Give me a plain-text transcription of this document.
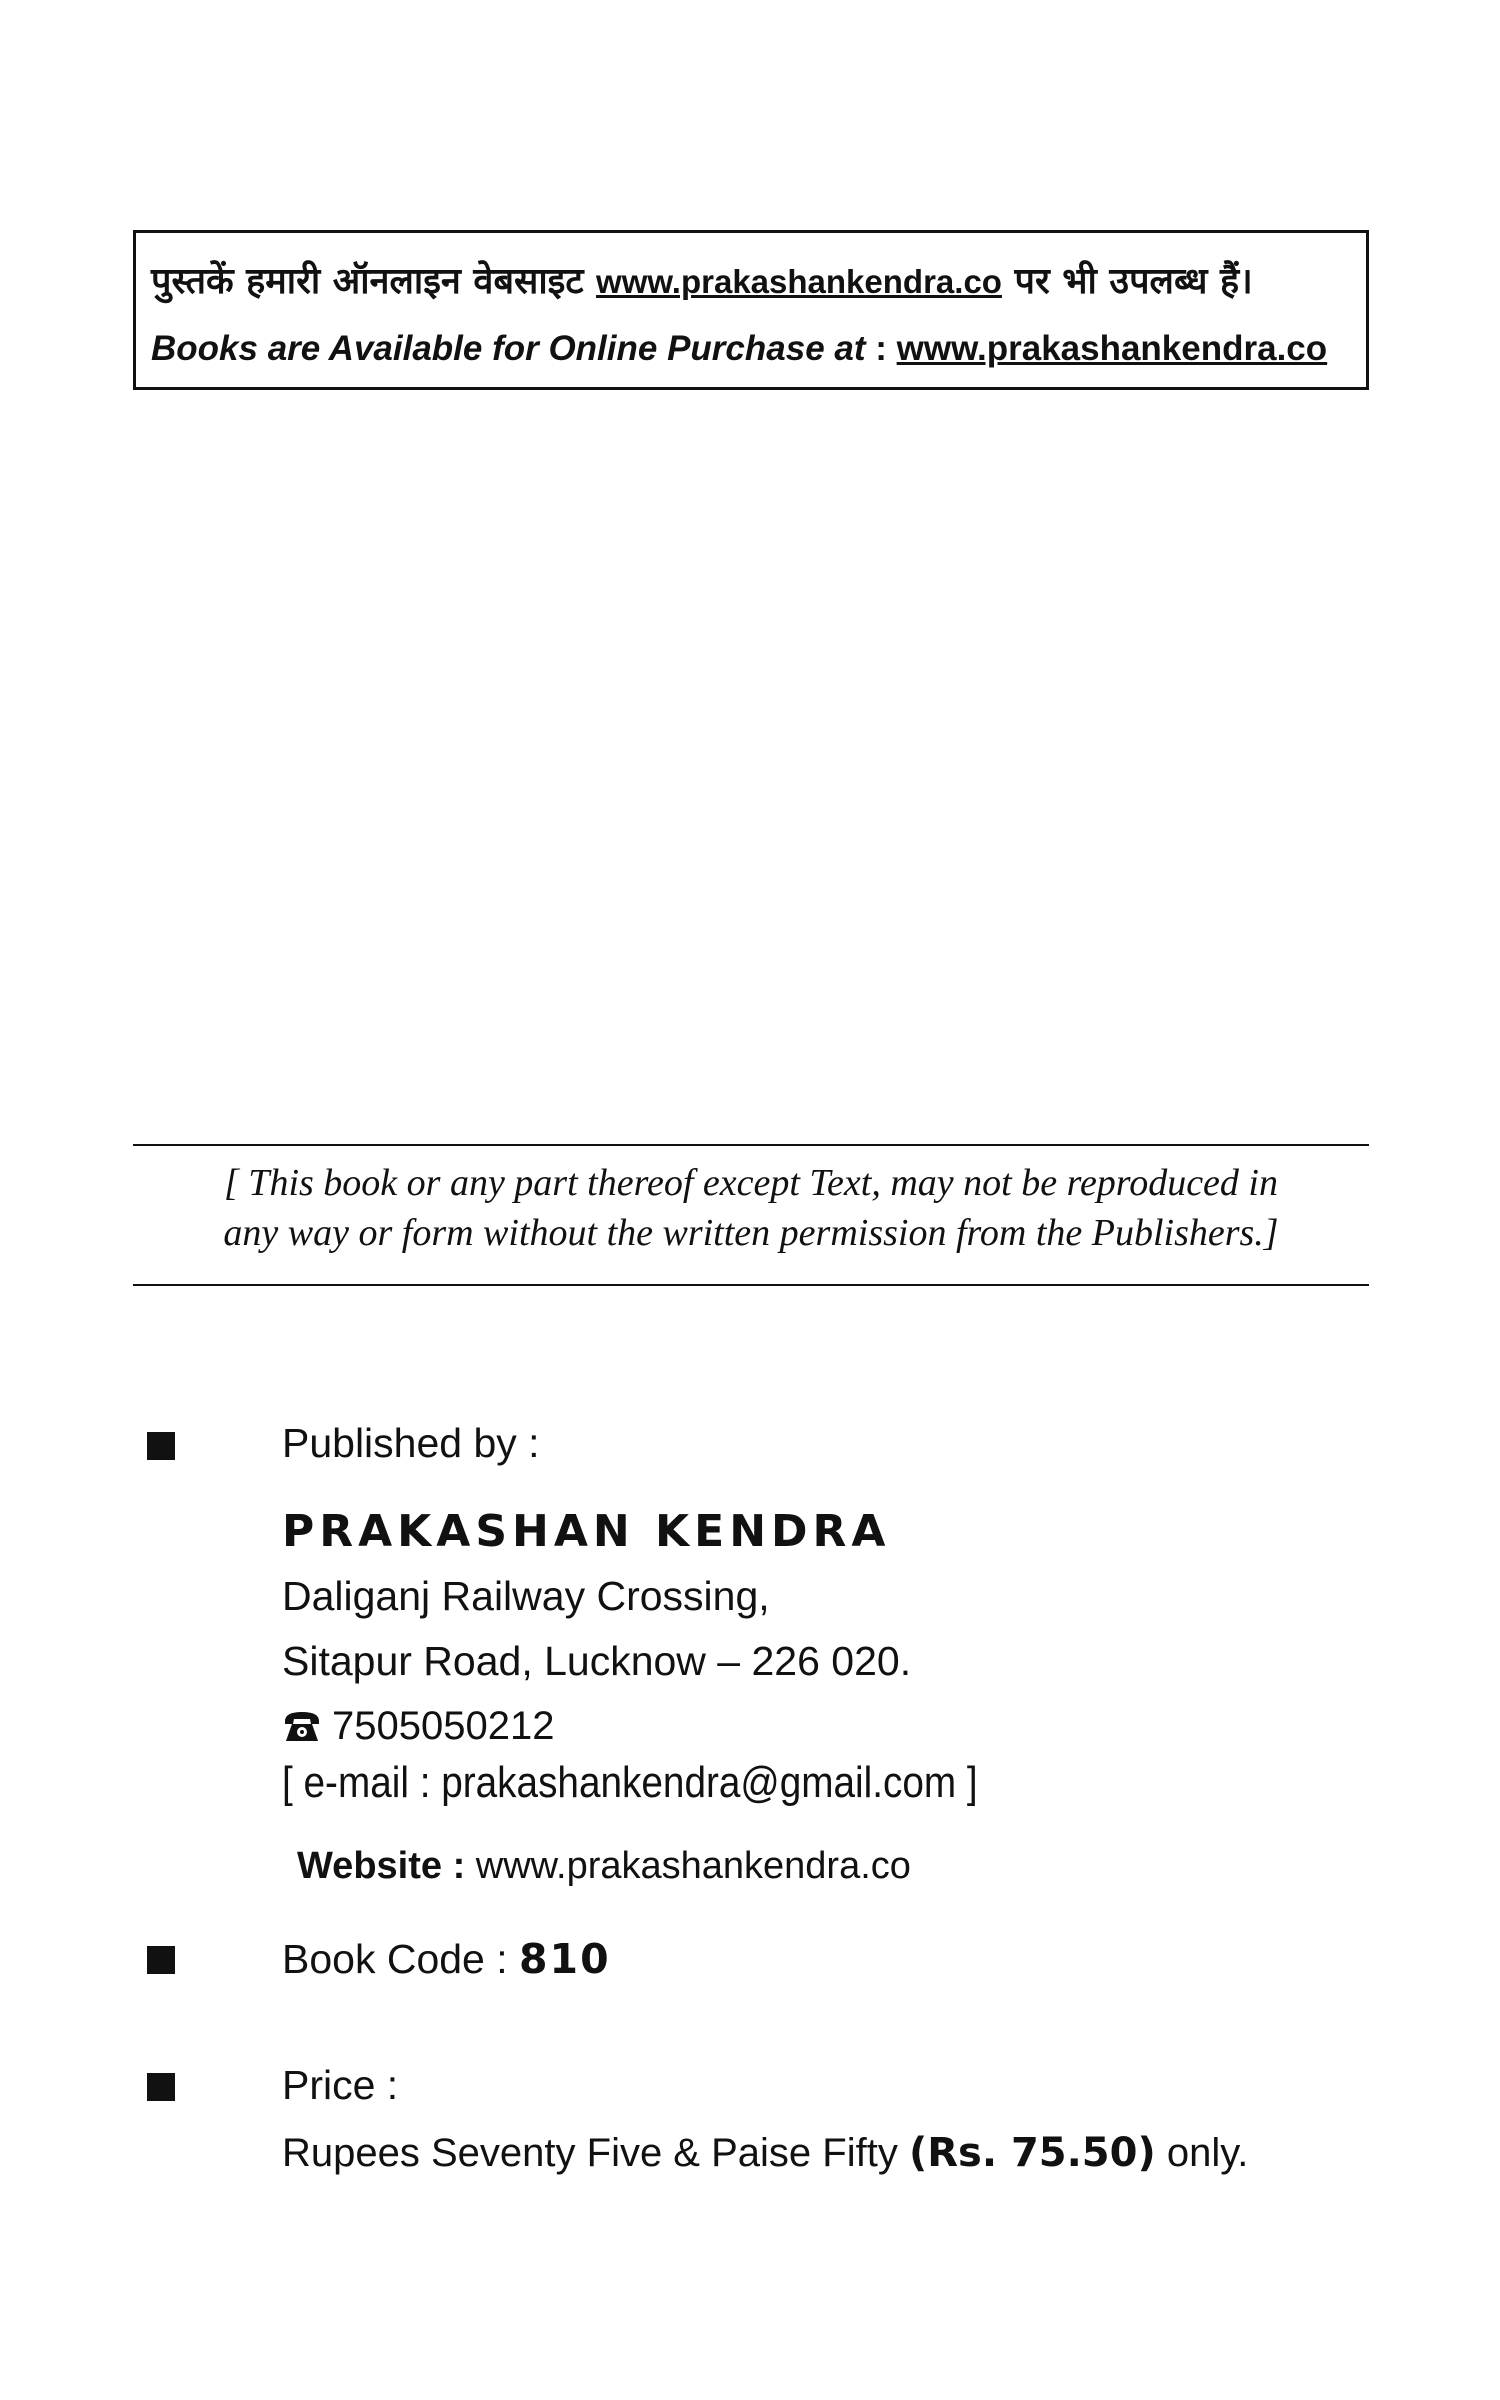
पुस्तकें हमारी ऑनलाइन वेबसाइट www.prakashankendra.co पर भी उपलब्ध हैं।
Books are Available for Online Purchase at : www.prakashankendra.co
[ This book or any part thereof except Text, may not be reproduced in
any way or form without the written permission from the Publishers.]
Published by :
PRAKASHAN KENDRA
Daliganj Railway Crossing,
Sitapur Road, Lucknow – 226 020.
7505050212
[ e-mail : prakashankendra@gmail.com ]
Website : www.prakashankendra.co
Book Code : 810
Price :
Rupees Seventy Five & Paise Fifty (Rs. 75.50) only.
